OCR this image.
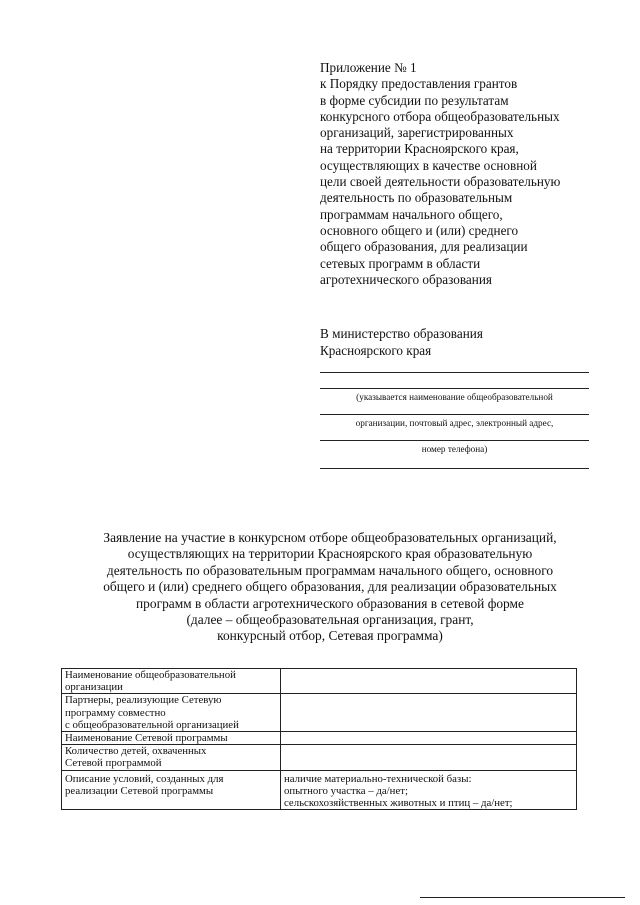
Приложение № 1
к Порядку предоставления грантов
в форме субсидии по результатам
конкурсного отбора общеобразовательных
организаций, зарегистрированных
на территории Красноярского края,
осуществляющих в качестве основной
цели своей деятельности образовательную
деятельность по образовательным
программам начального общего,
основного общего и (или) среднего
общего образования, для реализации
сетевых программ в области
агротехнического образования
В министерство образования
Красноярского края
(указывается наименование общеобразовательной
организации, почтовый адрес, электронный адрес,
номер телефона)
Заявление на участие в конкурсном отборе общеобразовательных организаций,
осуществляющих на территории Красноярского края образовательную
деятельность по образовательным программам начального общего, основного
общего и (или) среднего общего образования, для реализации образовательных
программ в области агротехнического образования в сетевой форме
(далее – общеобразовательная организация, грант,
конкурсный отбор, Сетевая программа)
Наименование общеобразовательной
организации	

Партнеры, реализующие Сетевую
программу совместно
с общеобразовательной организацией	

Наименование Сетевой программы	

Количество детей, охваченных
Сетевой программой	

Описание условий, созданных для
реализации Сетевой программы	наличие материально-технической базы:
опытного участка – да/нет;
сельскохозяйственных животных и птиц – да/нет;
